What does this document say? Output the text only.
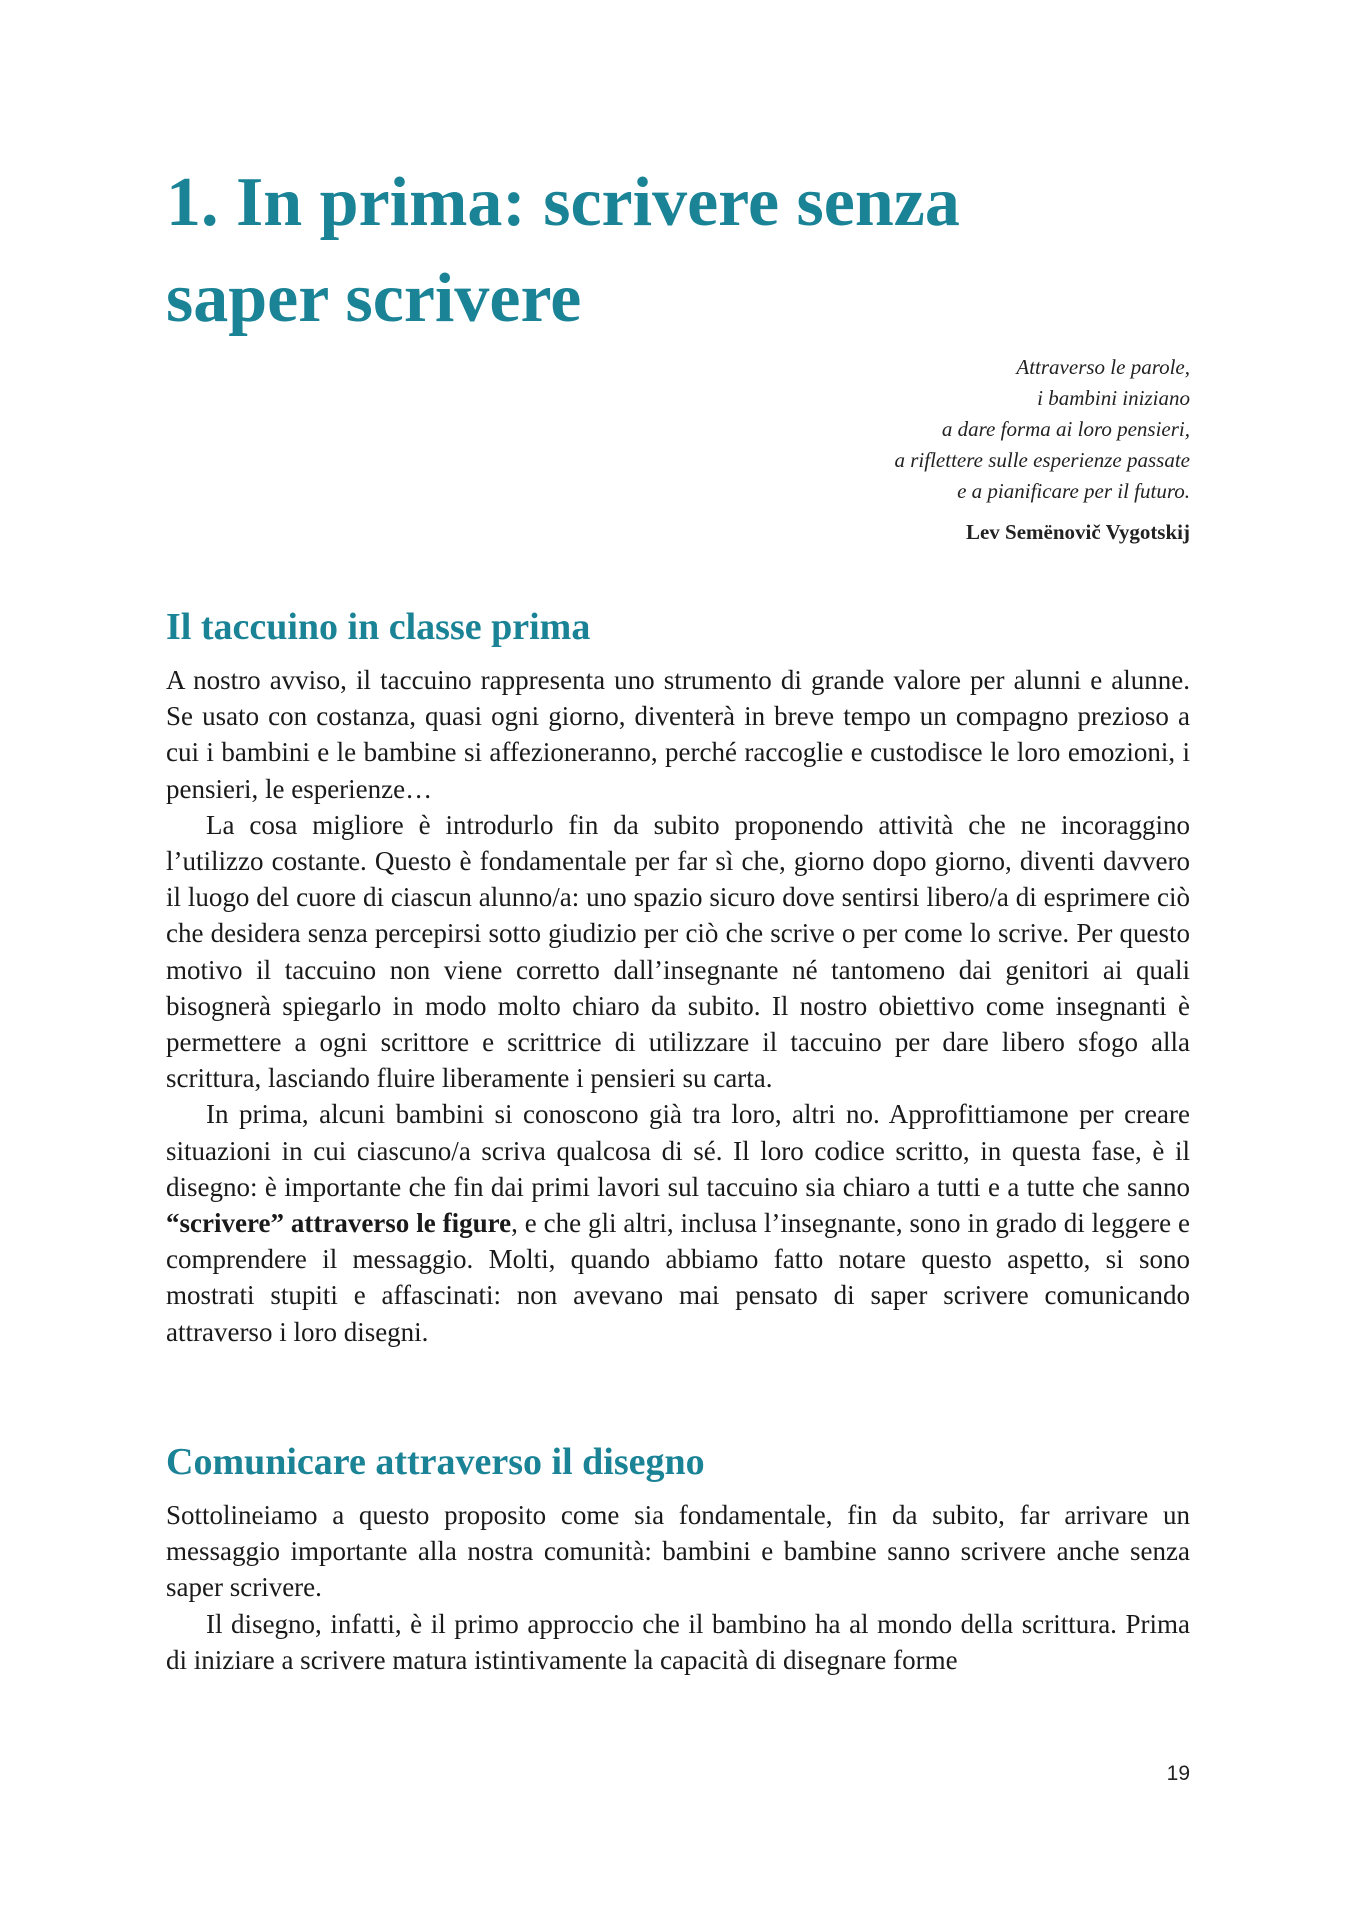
1. In prima: scrivere senza
saper scrivere
Attraverso le parole,
i bambini iniziano
a dare forma ai loro pensieri,
a riflettere sulle esperienze passate
e a pianificare per il futuro.
Lev Semënovič Vygotskij
Il taccuino in classe prima

A nostro avviso, il taccuino rappresenta uno strumento di grande valore per alunni e alunne. Se usato con costanza, quasi ogni giorno, diventerà in breve tempo un compagno prezioso a cui i bambini e le bambine si affezioneranno, perché raccoglie e custodisce le loro emozioni, i pensieri, le esperienze…

La cosa migliore è introdurlo fin da subito proponendo attività che ne incoraggino l’utilizzo costante. Questo è fondamentale per far sì che, giorno dopo giorno, diventi davvero il luogo del cuore di ciascun alunno/a: uno spazio sicuro dove sentirsi libero/a di esprimere ciò che desidera senza percepirsi sotto giudizio per ciò che scrive o per come lo scrive. Per questo motivo il taccuino non viene corretto dall’insegnante né tantomeno dai genitori ai quali bisognerà spiegarlo in modo molto chiaro da subito. Il nostro obiettivo come insegnanti è permettere a ogni scrittore e scrittrice di utilizzare il taccuino per dare libero sfogo alla scrittura, lasciando fluire liberamente i pensieri su carta.

In prima, alcuni bambini si conoscono già tra loro, altri no. Approfittiamone per creare situazioni in cui ciascuno/a scriva qualcosa di sé. Il loro codice scritto, in questa fase, è il disegno: è importante che fin dai primi lavori sul taccuino sia chiaro a tutti e a tutte che sanno “scrivere” attraverso le figure, e che gli altri, inclusa l’insegnante, sono in grado di leggere e comprendere il messaggio. Molti, quando abbiamo fatto notare questo aspetto, si sono mostrati stupiti e affascinati: non avevano mai pensato di saper scrivere comunicando attraverso i loro disegni.

Comunicare attraverso il disegno

Sottolineiamo a questo proposito come sia fondamentale, fin da subito, far arrivare un messaggio importante alla nostra comunità: bambini e bambine sanno scrivere anche senza saper scrivere.

Il disegno, infatti, è il primo approccio che il bambino ha al mondo della scrittura. Prima di iniziare a scrivere matura istintivamente la capacità di disegnare forme

19
